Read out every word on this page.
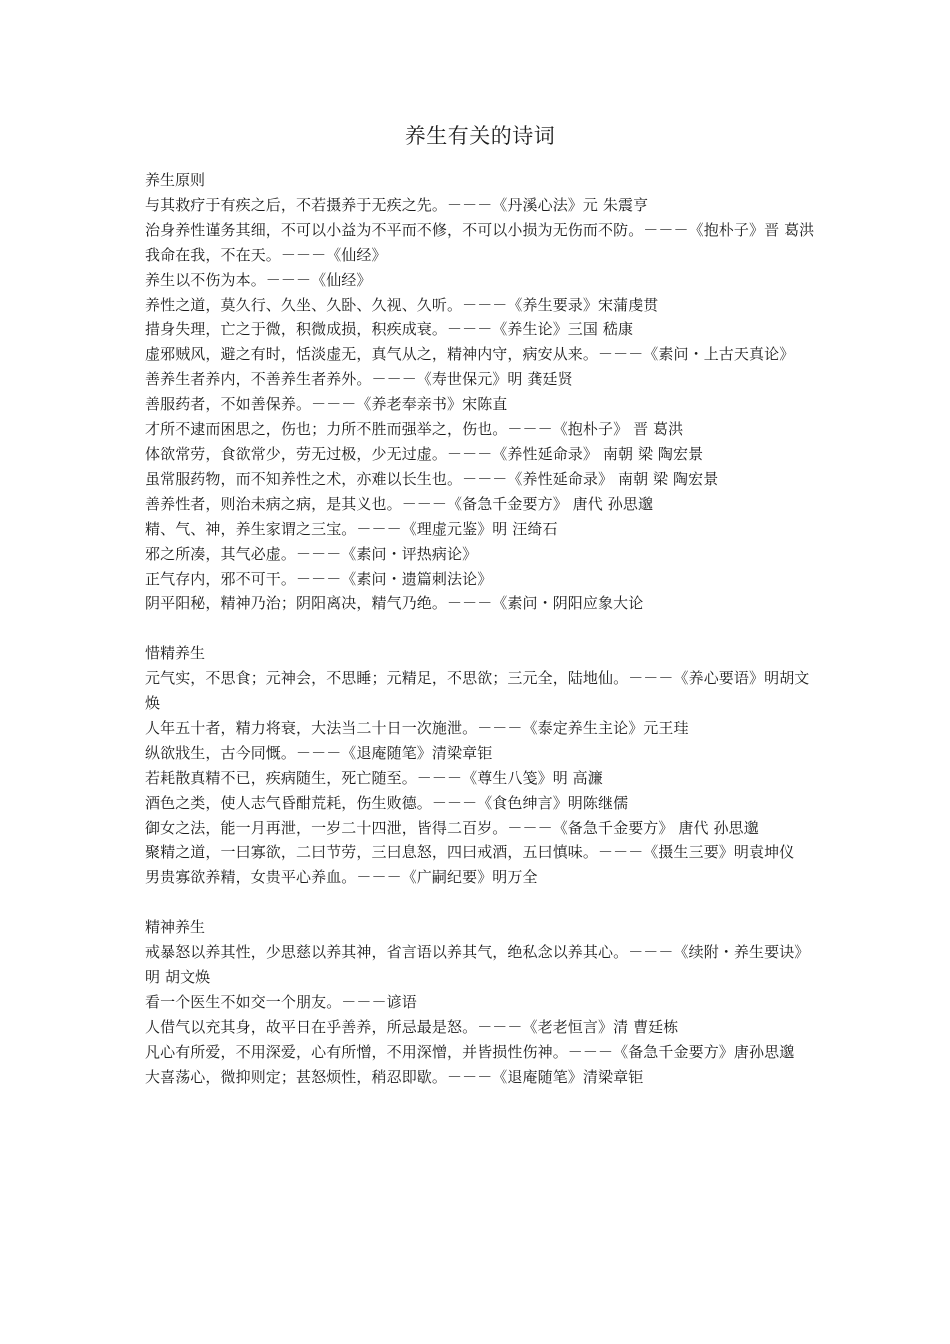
养生有关的诗词

养生原则

与其救疗于有疾之后，不若摄养于无疾之先。－－－《丹溪心法》元 朱震亨

治身养性谨务其细，不可以小益为不平而不修，不可以小损为无伤而不防。－－－《抱朴子》晋 葛洪

我命在我，不在天。－－－《仙经》

养生以不伤为本。－－－《仙经》

养性之道，莫久行、久坐、久卧、久视、久听。－－－《养生要录》宋蒲虔贯

措身失理，亡之于微，积微成损，积疾成衰。－－－《养生论》三国 嵇康

虚邪贼风，避之有时，恬淡虚无，真气从之，精神内守，病安从来。－－－《素问・上古天真论》

善养生者养内，不善养生者养外。－－－《寿世保元》明 龚廷贤

善服药者，不如善保养。－－－《养老奉亲书》宋陈直

才所不逮而困思之，伤也；力所不胜而强举之，伤也。－－－《抱朴子》 晋 葛洪

体欲常劳，食欲常少，劳无过极，少无过虚。－－－《养性延命录》 南朝 梁 陶宏景

虽常服药物，而不知养性之术，亦难以长生也。－－－《养性延命录》 南朝 梁 陶宏景

善养性者，则治未病之病，是其义也。－－－《备急千金要方》 唐代 孙思邈

精、气、神，养生家谓之三宝。－－－《理虚元鉴》明 汪绮石

邪之所凑，其气必虚。－－－《素问・评热病论》

正气存内，邪不可干。－－－《素问・遗篇刺法论》

阴平阳秘，精神乃治；阴阳离决，精气乃绝。－－－《素问・阴阳应象大论

惜精养生

元气实，不思食；元神会，不思睡；元精足，不思欲；三元全，陆地仙。－－－《养心要语》明胡文焕

人年五十者，精力将衰，大法当二十日一次施泄。－－－《泰定养生主论》元王珪

纵欲戕生，古今同慨。－－－《退庵随笔》清梁章钜

若耗散真精不已，疾病随生，死亡随至。－－－《尊生八笺》明 高濂

酒色之类，使人志气昏酣荒耗，伤生败德。－－－《食色绅言》明陈继儒

御女之法，能一月再泄，一岁二十四泄，皆得二百岁。－－－《备急千金要方》 唐代 孙思邈

聚精之道，一曰寡欲，二曰节劳，三曰息怒，四曰戒酒，五曰慎味。－－－《摄生三要》明袁坤仪

男贵寡欲养精，女贵平心养血。－－－《广嗣纪要》明万全

精神养生

戒暴怒以养其性，少思慈以养其神，省言语以养其气，绝私念以养其心。－－－《续附・养生要诀》明 胡文焕

看一个医生不如交一个朋友。－－－谚语

人借气以充其身，故平日在乎善养，所忌最是怒。－－－《老老恒言》清 曹廷栋

凡心有所爱，不用深爱，心有所憎，不用深憎，并皆损性伤神。－－－《备急千金要方》唐孙思邈

大喜荡心，微抑则定；甚怒烦性，稍忍即歇。－－－《退庵随笔》清梁章钜
